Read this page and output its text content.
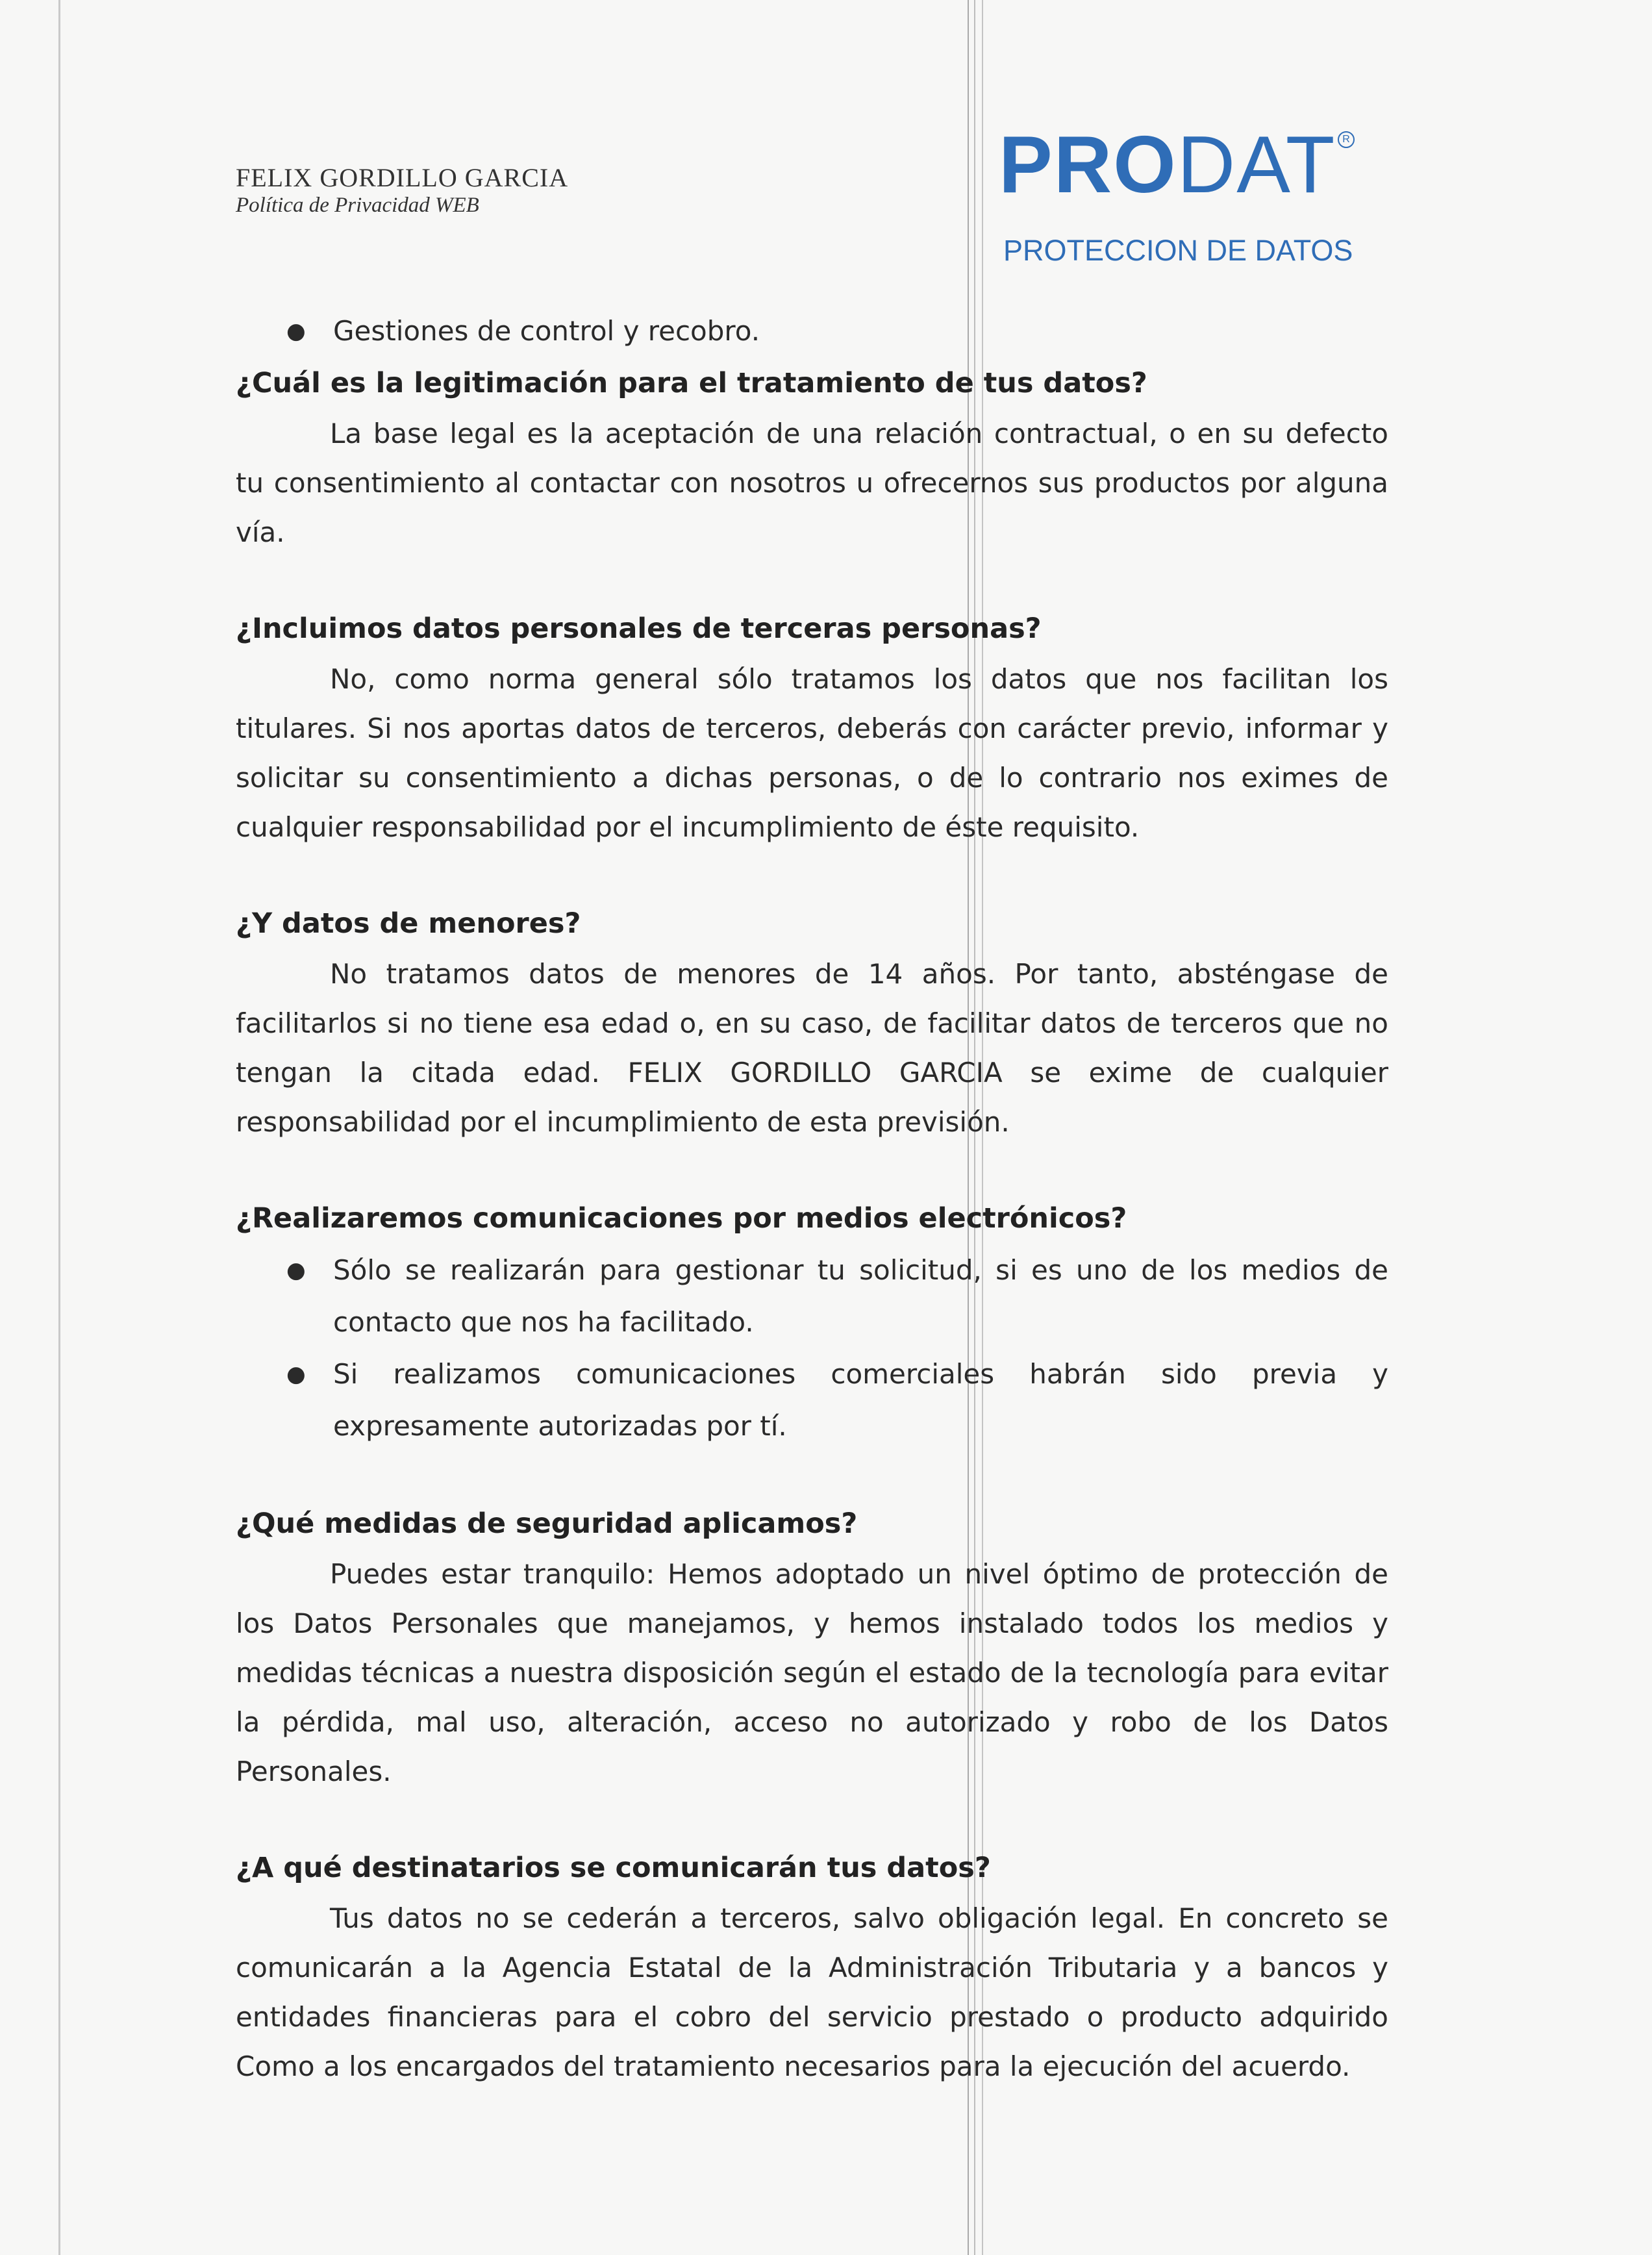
FELIX GORDILLO GARCIA
Política de Privacidad WEB	PRODAT R
PROTECCION DE DATOS
●	Gestiones de control y recobro.
¿Cuál es la legitimación para el tratamiento de tus datos?

La base legal es la aceptación de una relación contractual, o en su defecto tu consentimiento al contactar con nosotros u ofrecernos sus productos por alguna vía.

¿Incluimos datos personales de terceras personas?

No, como norma general sólo tratamos los datos que nos facilitan los titulares. Si nos aportas datos de terceros, deberás con carácter previo, informar y solicitar su consentimiento a dichas personas, o de lo contrario nos eximes de cualquier responsabilidad por el incumplimiento de éste requisito.

¿Y datos de menores?

No tratamos datos de menores de 14 años. Por tanto, absténgase de facilitarlos si no tiene esa edad o, en su caso, de facilitar datos de terceros que no tengan la citada edad. FELIX GORDILLO GARCIA se exime de cualquier responsabilidad por el incumplimiento de esta previsión.

¿Realizaremos comunicaciones por medios electrónicos?
●	Sólo se realizarán para gestionar tu solicitud, si es uno de los medios de contacto que nos ha facilitado.
●	Si realizamos comunicaciones comerciales habrán sido previa y expresamente autorizadas por tí.
¿Qué medidas de seguridad aplicamos?

Puedes estar tranquilo: Hemos adoptado un nivel óptimo de protección de los Datos Personales que manejamos, y hemos instalado todos los medios y medidas técnicas a nuestra disposición según el estado de la tecnología para evitar la pérdida, mal uso, alteración, acceso no autorizado y robo de los Datos Personales.

¿A qué destinatarios se comunicarán tus datos?

Tus datos no se cederán a terceros, salvo obligación legal. En concreto se comunicarán a la Agencia Estatal de la Administración Tributaria y a bancos y entidades financieras para el cobro del servicio prestado o producto adquirido Como a los encargados del tratamiento necesarios para la ejecución del acuerdo.
